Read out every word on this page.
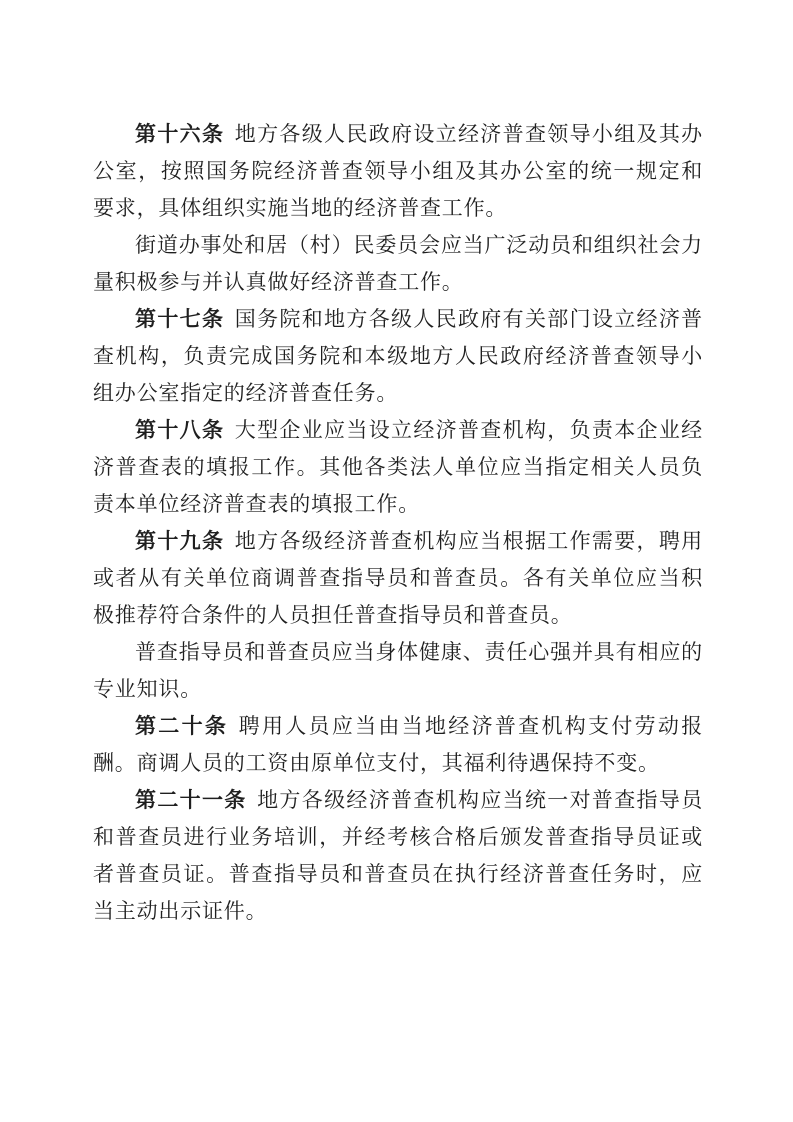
第十六条 地方各级人民政府设立经济普查领导小组及其办公室，按照国务院经济普查领导小组及其办公室的统一规定和要求，具体组织实施当地的经济普查工作。

街道办事处和居（村）民委员会应当广泛动员和组织社会力量积极参与并认真做好经济普查工作。

第十七条 国务院和地方各级人民政府有关部门设立经济普查机构，负责完成国务院和本级地方人民政府经济普查领导小组办公室指定的经济普查任务。

第十八条 大型企业应当设立经济普查机构，负责本企业经济普查表的填报工作。其他各类法人单位应当指定相关人员负责本单位经济普查表的填报工作。

第十九条 地方各级经济普查机构应当根据工作需要，聘用或者从有关单位商调普查指导员和普查员。各有关单位应当积极推荐符合条件的人员担任普查指导员和普查员。

普查指导员和普查员应当身体健康、责任心强并具有相应的专业知识。

第二十条 聘用人员应当由当地经济普查机构支付劳动报酬。商调人员的工资由原单位支付，其福利待遇保持不变。

第二十一条 地方各级经济普查机构应当统一对普查指导员和普查员进行业务培训，并经考核合格后颁发普查指导员证或者普查员证。普查指导员和普查员在执行经济普查任务时，应当主动出示证件。
